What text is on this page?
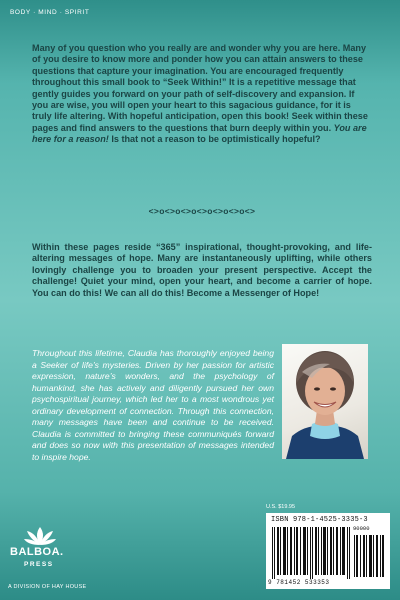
BODY · MIND · SPIRIT

Many of you question who you really are and wonder why you are here. Many of you desire to know more and ponder how you can attain answers to these questions that capture your imagination. You are encouraged frequently throughout this small book to “Seek Within!” It is a repetitive message that gently guides you forward on your path of self-discovery and expansion. If you are wise, you will open your heart to this sagacious guidance, for it is truly life altering. With hopeful anticipation, open this book! Seek within these pages and find answers to the questions that burn deeply within you. You are here for a reason! Is that not a reason to be optimistically hopeful?

<>o<>o<>o<>o<>o<>o<>

Within these pages reside “365” inspirational, thought-provoking, and life-altering messages of hope. Many are instantaneously uplifting, while others lovingly challenge you to broaden your present perspective. Accept the challenge! Quiet your mind, open your heart, and become a carrier of hope. You can do this! We can all do this! Become a Messenger of Hope!

Throughout this lifetime, Claudia has thoroughly enjoyed being a Seeker of life’s mysteries. Driven by her passion for artistic expression, nature’s wonders, and the psychology of humankind, she has actively and diligently pursued her own psychospiritual journey, which led her to a most wondrous yet ordinary development of connection. Through this connection, many messages have been and continue to be received. Claudia is committed to bringing these communiqués forward and does so now with this presentation of messages intended to inspire hope.

BALBOA.
PRESS
A DIVISION OF HAY HOUSE
U.S. $19.95
ISBN 978-1-4525-3335-3
90000
9 781452 533353
